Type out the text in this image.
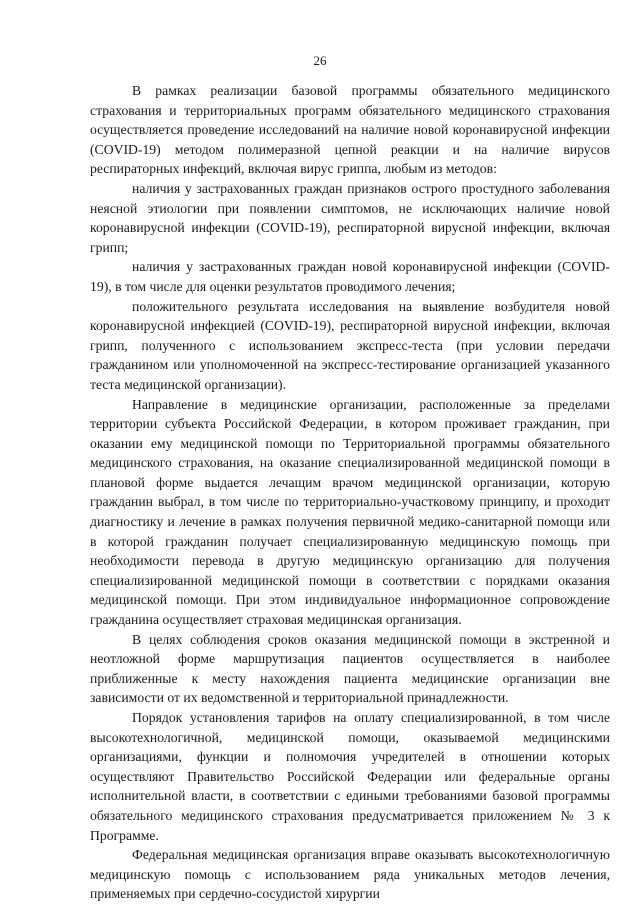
26

В рамках реализации базовой программы обязательного медицинского страхования и территориальных программ обязательного медицинского страхования осуществляется проведение исследований на наличие новой коронавирусной инфекции (COVID-19) методом полимеразной цепной реакции и на наличие вирусов респираторных инфекций, включая вирус гриппа, любым из методов:

наличия у застрахованных граждан признаков острого простудного заболевания неясной этиологии при появлении симптомов, не исключающих наличие новой коронавирусной инфекции (COVID-19), респираторной вирусной инфекции, включая грипп;

наличия у застрахованных граждан новой коронавирусной инфекции (COVID-19), в том числе для оценки результатов проводимого лечения;

положительного результата исследования на выявление возбудителя новой коронавирусной инфекцией (COVID-19), респираторной вирусной инфекции, включая грипп, полученного с использованием экспресс-теста (при условии передачи гражданином или уполномоченной на экспресс-тестирование организацией указанного теста медицинской организации).

Направление в медицинские организации, расположенные за пределами территории субъекта Российской Федерации, в котором проживает гражданин, при оказании ему медицинской помощи по Территориальной программы обязательного медицинского страхования, на оказание специализированной медицинской помощи в плановой форме выдается лечащим врачом медицинской организации, которую гражданин выбрал, в том числе по территориально-участковому принципу, и проходит диагностику и лечение в рамках получения первичной медико-санитарной помощи или в которой гражданин получает специализированную медицинскую помощь при необходимости перевода в другую медицинскую организацию для получения специализированной медицинской помощи в соответствии с порядками оказания медицинской помощи. При этом индивидуальное информационное сопровождение гражданина осуществляет страховая медицинская организация.

В целях соблюдения сроков оказания медицинской помощи в экстренной и неотложной форме маршрутизация пациентов осуществляется в наиболее приближенные к месту нахождения пациента медицинские организации вне зависимости от их ведомственной и территориальной принадлежности.

Порядок установления тарифов на оплату специализированной, в том числе высокотехнологичной, медицинской помощи, оказываемой медицинскими организациями, функции и полномочия учредителей в отношении которых осуществляют Правительство Российской Федерации или федеральные органы исполнительной власти, в соответствии с едиными требованиями базовой программы обязательного медицинского страхования предусматривается приложением № 3 к Программе.

Федеральная медицинская организация вправе оказывать высокотехнологичную медицинскую помощь с использованием ряда уникальных методов лечения, применяемых при сердечно-сосудистой хирургии
